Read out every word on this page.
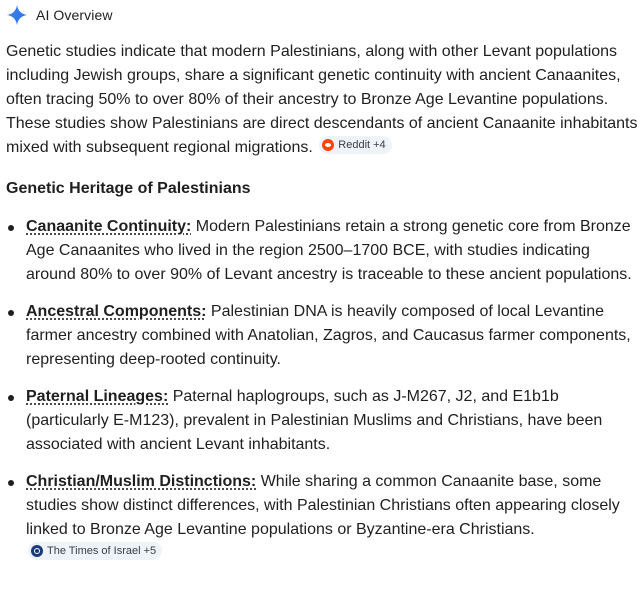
AI Overview

Genetic studies indicate that modern Palestinians, along with other Levant populations including Jewish groups, share a significant genetic continuity with ancient Canaanites, often tracing 50% to over 80% of their ancestry to Bronze Age Levantine populations. These studies show Palestinians are direct descendants of ancient Canaanite inhabitants mixed with subsequent regional migrations. Reddit +4

Genetic Heritage of Palestinians
Canaanite Continuity: Modern Palestinians retain a strong genetic core from Bronze Age Canaanites who lived in the region 2500–1700 BCE, with studies indicating around 80% to over 90% of Levant ancestry is traceable to these ancient populations.
Ancestral Components: Palestinian DNA is heavily composed of local Levantine farmer ancestry combined with Anatolian, Zagros, and Caucasus farmer components, representing deep-rooted continuity.
Paternal Lineages: Paternal haplogroups, such as J-M267, J2, and E1b1b (particularly E-M123), prevalent in Palestinian Muslims and Christians, have been associated with ancient Levant inhabitants.
Christian/Muslim Distinctions: While sharing a common Canaanite base, some studies show distinct differences, with Palestinian Christians often appearing closely linked to Bronze Age Levantine populations or Byzantine-era Christians.
The Times of Israel +5
